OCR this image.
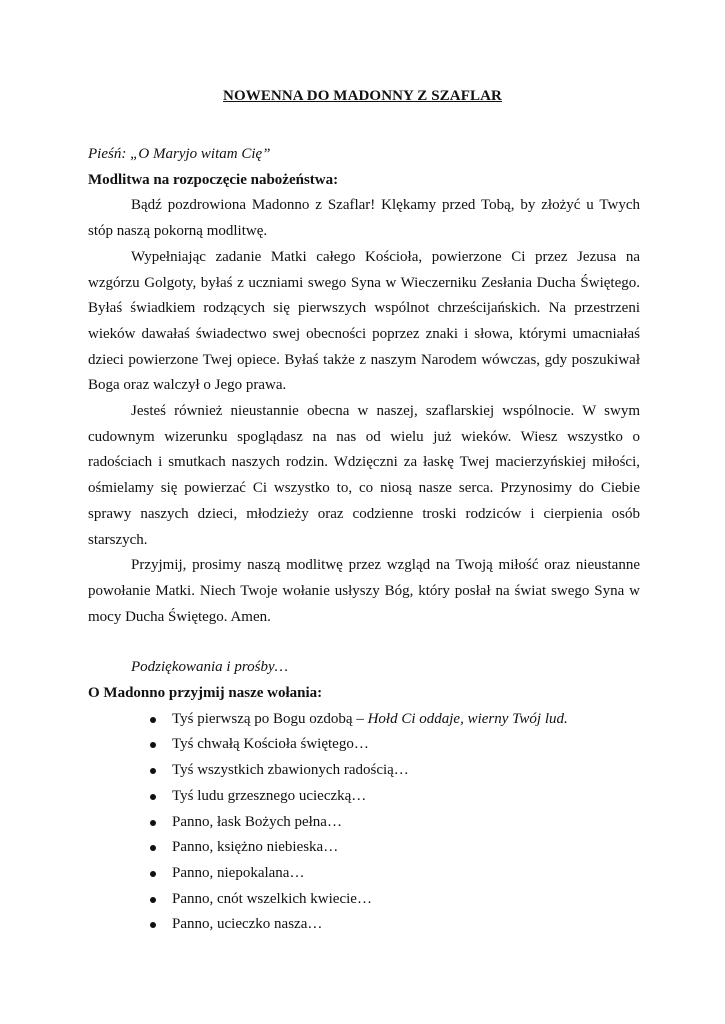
NOWENNA DO MADONNY Z SZAFLAR
Pieśń: „O Maryjo witam Cię”
Modlitwa na rozpoczęcie nabożeństwa:

Bądź pozdrowiona Madonno z Szaflar! Klękamy przed Tobą, by złożyć u Twych stóp naszą pokorną modlitwę.

Wypełniając zadanie Matki całego Kościoła, powierzone Ci przez Jezusa na wzgórzu Golgoty, byłaś z uczniami swego Syna w Wieczerniku Zesłania Ducha Świętego. Byłaś świadkiem rodzących się pierwszych wspólnot chrześcijańskich. Na przestrzeni wieków dawałaś świadectwo swej obecności poprzez znaki i słowa, którymi umacniałaś dzieci powierzone Twej opiece. Byłaś także z naszym Narodem wówczas, gdy poszukiwał Boga oraz walczył o Jego prawa.

Jesteś również nieustannie obecna w naszej, szaflarskiej wspólnocie. W swym cudownym wizerunku spoglądasz na nas od wielu już wieków. Wiesz wszystko o radościach i smutkach naszych rodzin. Wdzięczni za łaskę Twej macierzyńskiej miłości, ośmielamy się powierzać Ci wszystko to, co niosą nasze serca. Przynosimy do Ciebie sprawy naszych dzieci, młodzieży oraz codzienne troski rodziców i cierpienia osób starszych.

Przyjmij, prosimy naszą modlitwę przez wzgląd na Twoją miłość oraz nieustanne powołanie Matki. Niech Twoje wołanie usłyszy Bóg, który posłał na świat swego Syna w mocy Ducha Świętego. Amen.

Podziękowania i prośby…
O Madonno przyjmij nasze wołania:
Tyś pierwszą po Bogu ozdobą – Hołd Ci oddaje, wierny Twój lud.
Tyś chwałą Kościoła świętego…
Tyś wszystkich zbawionych radością…
Tyś ludu grzesznego ucieczką…
Panno, łask Bożych pełna…
Panno, księżno niebieska…
Panno, niepokalana…
Panno, cnót wszelkich kwiecie…
Panno, ucieczko nasza…
